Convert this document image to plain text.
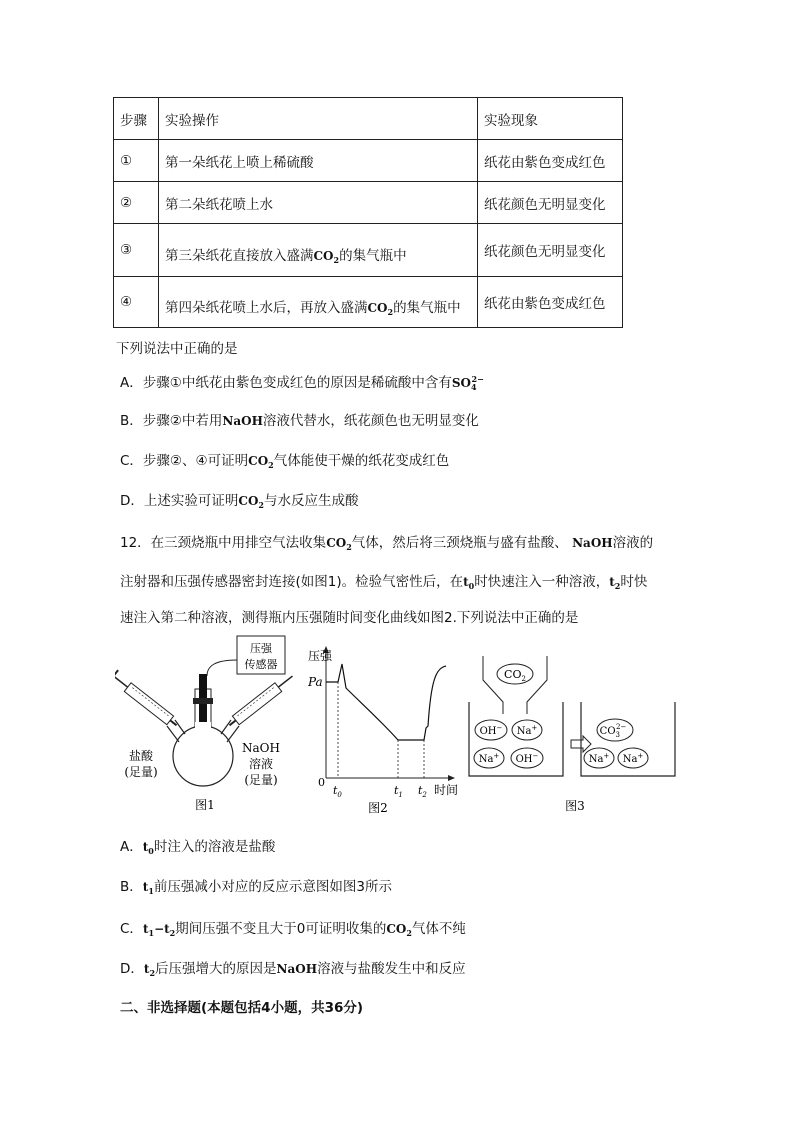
步骤	实验操作	实验现象
①	第一朵纸花上喷上稀硫酸	纸花由紫色变成红色
②	第二朵纸花喷上水	纸花颜色无明显变化
③	第三朵纸花直接放入盛满$CO_2$的集气瓶中	纸花颜色无明显变化
④	第四朵纸花喷上水后，再放入盛满$CO_2$的集气瓶中	纸花由紫色变成红色
下列说法中正确的是
A．步骤①中纸花由紫色变成红色的原因是稀硫酸中含有$SO_4^{2-}$
B．步骤②中若用NaOH溶液代替水，纸花颜色也无明显变化
C．步骤②、④可证明$CO_2$气体能使干燥的纸花变成红色
D．上述实验可证明$CO_2$与水反应生成酸
12．在三颈烧瓶中用排空气法收集$CO_2$气体，然后将三颈烧瓶与盛有盐酸、 NaOH溶液的
注射器和压强传感器密封连接(如图1)。检验气密性后，在$t_0$时快速注入一种溶液，$t_2$时快
速注入第二种溶液，测得瓶内压强随时间变化曲线如图2.下列说法中正确的是
压强
传感器
盐酸
(足量)
NaOH
溶液
(足量)
图1
压强
Pa
0
$t_0$	$t_1$ $t_2$ 时间
图2
$CO_2$
OH− Na+
Na+ OH−
$CO_32-$
Na+ Na+
图3
A．$t_0$时注入的溶液是盐酸
B．$t_1$前压强减小对应的反应示意图如图3所示
C．$t_1-t_2$期间压强不变且大于0可证明收集的$CO_2$气体不纯
D．$t_2$后压强增大的原因是NaOH溶液与盐酸发生中和反应
二、非选择题(本题包括4小题，共36分)
